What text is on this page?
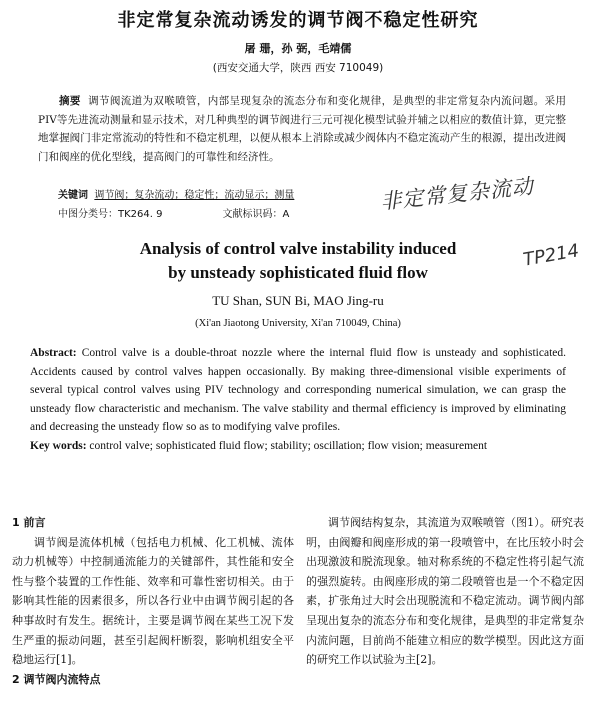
非定常复杂流动诱发的调节阀不稳定性研究
屠 珊，孙 弼，毛靖儒
(西安交通大学，陕西 西安 710049)
摘要 调节阀流道为双喉喷管，内部呈现复杂的流态分布和变化规律，是典型的非定常复杂内流问题。采用PIV等先进流动测量和显示技术，对几种典型的调节阀进行三元可视化模型试验并辅之以相应的数值计算，更完整地掌握阀门非定常流动的特性和不稳定机理，以便从根本上消除或减少阀体内不稳定流动产生的根源，提出改进阀门和阀座的优化型线，提高阀门的可靠性和经济性。
关键词 调节阀；复杂流动；稳定性；流动显示；测量
中图分类号：TK264. 9	文献标识码：A
非定常复杂流动
TP214
Analysis of control valve instability induced
by unsteady sophisticated fluid flow
TU Shan, SUN Bi, MAO Jing-ru
(Xi'an Jiaotong University, Xi'an 710049, China)

Abstract: Control valve is a double-throat nozzle where the internal fluid flow is unsteady and sophisticated. Accidents caused by control valves happen occasionally. By making three-dimensional visible experiments of several typical control valves using PIV technology and corresponding numerical simulation, we can grasp the unsteady flow characteristic and mechanism. The valve stability and thermal efficiency is improved by eliminating and decreasing the unsteady flow so as to modifying valve profiles.

Key words: control valve; sophisticated fluid flow; stability; oscillation; flow vision; measurement

1 前言

调节阀是流体机械（包括电力机械、化工机械、流体动力机械等）中控制通流能力的关键部件，其性能和安全性与整个装置的工作性能、效率和可靠性密切相关。由于影响其性能的因素很多，所以各行业中由调节阀引起的各种事故时有发生。据统计，主要是调节阀在某些工况下发生严重的振动问题，甚至引起阀杆断裂，影响机组安全平稳地运行[1]。

2 调节阀内流特点

调节阀结构复杂，其流道为双喉喷管（图1）。研究表明，由阀瓣和阀座形成的第一段喷管中，在比压较小时会出现激波和脱流现象。轴对称系统的不稳定性将引起气流的强烈旋转。由阀座形成的第二段喷管也是一个不稳定因素，扩张角过大时会出现脱流和不稳定流动。调节阀内部呈现出复杂的流态分布和变化规律，是典型的非定常复杂内流问题，目前尚不能建立相应的数学模型。因此这方面的研究工作以试验为主[2]。
